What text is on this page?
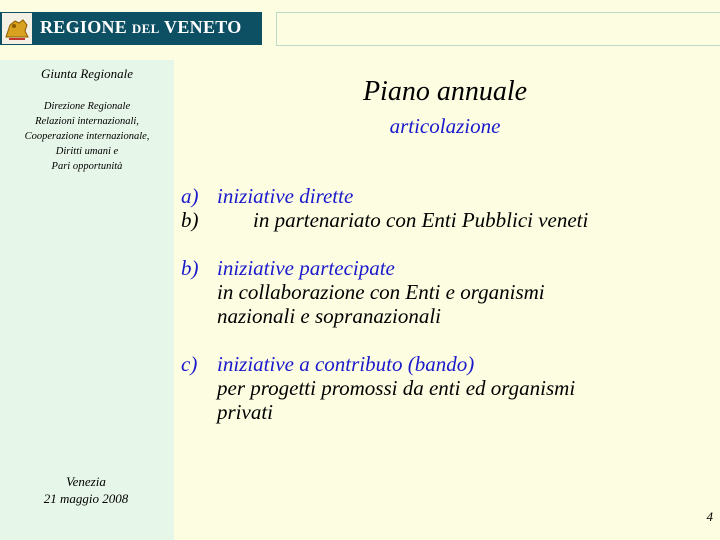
REGIONE DEL VENETO
Giunta Regionale
Direzione Regionale
Relazioni internazionali,
Cooperazione internazionale,
Diritti umani e
Pari opportunità
Venezia
21 maggio 2008
Piano annuale
articolazione
a) iniziative dirette
b)	in partenariato con Enti Pubblici veneti
b) iniziative partecipate
in collaborazione con Enti e organismi
nazionali e sopranazionali
c) iniziative a contributo (bando)
per progetti promossi da enti ed organismi
privati
4
